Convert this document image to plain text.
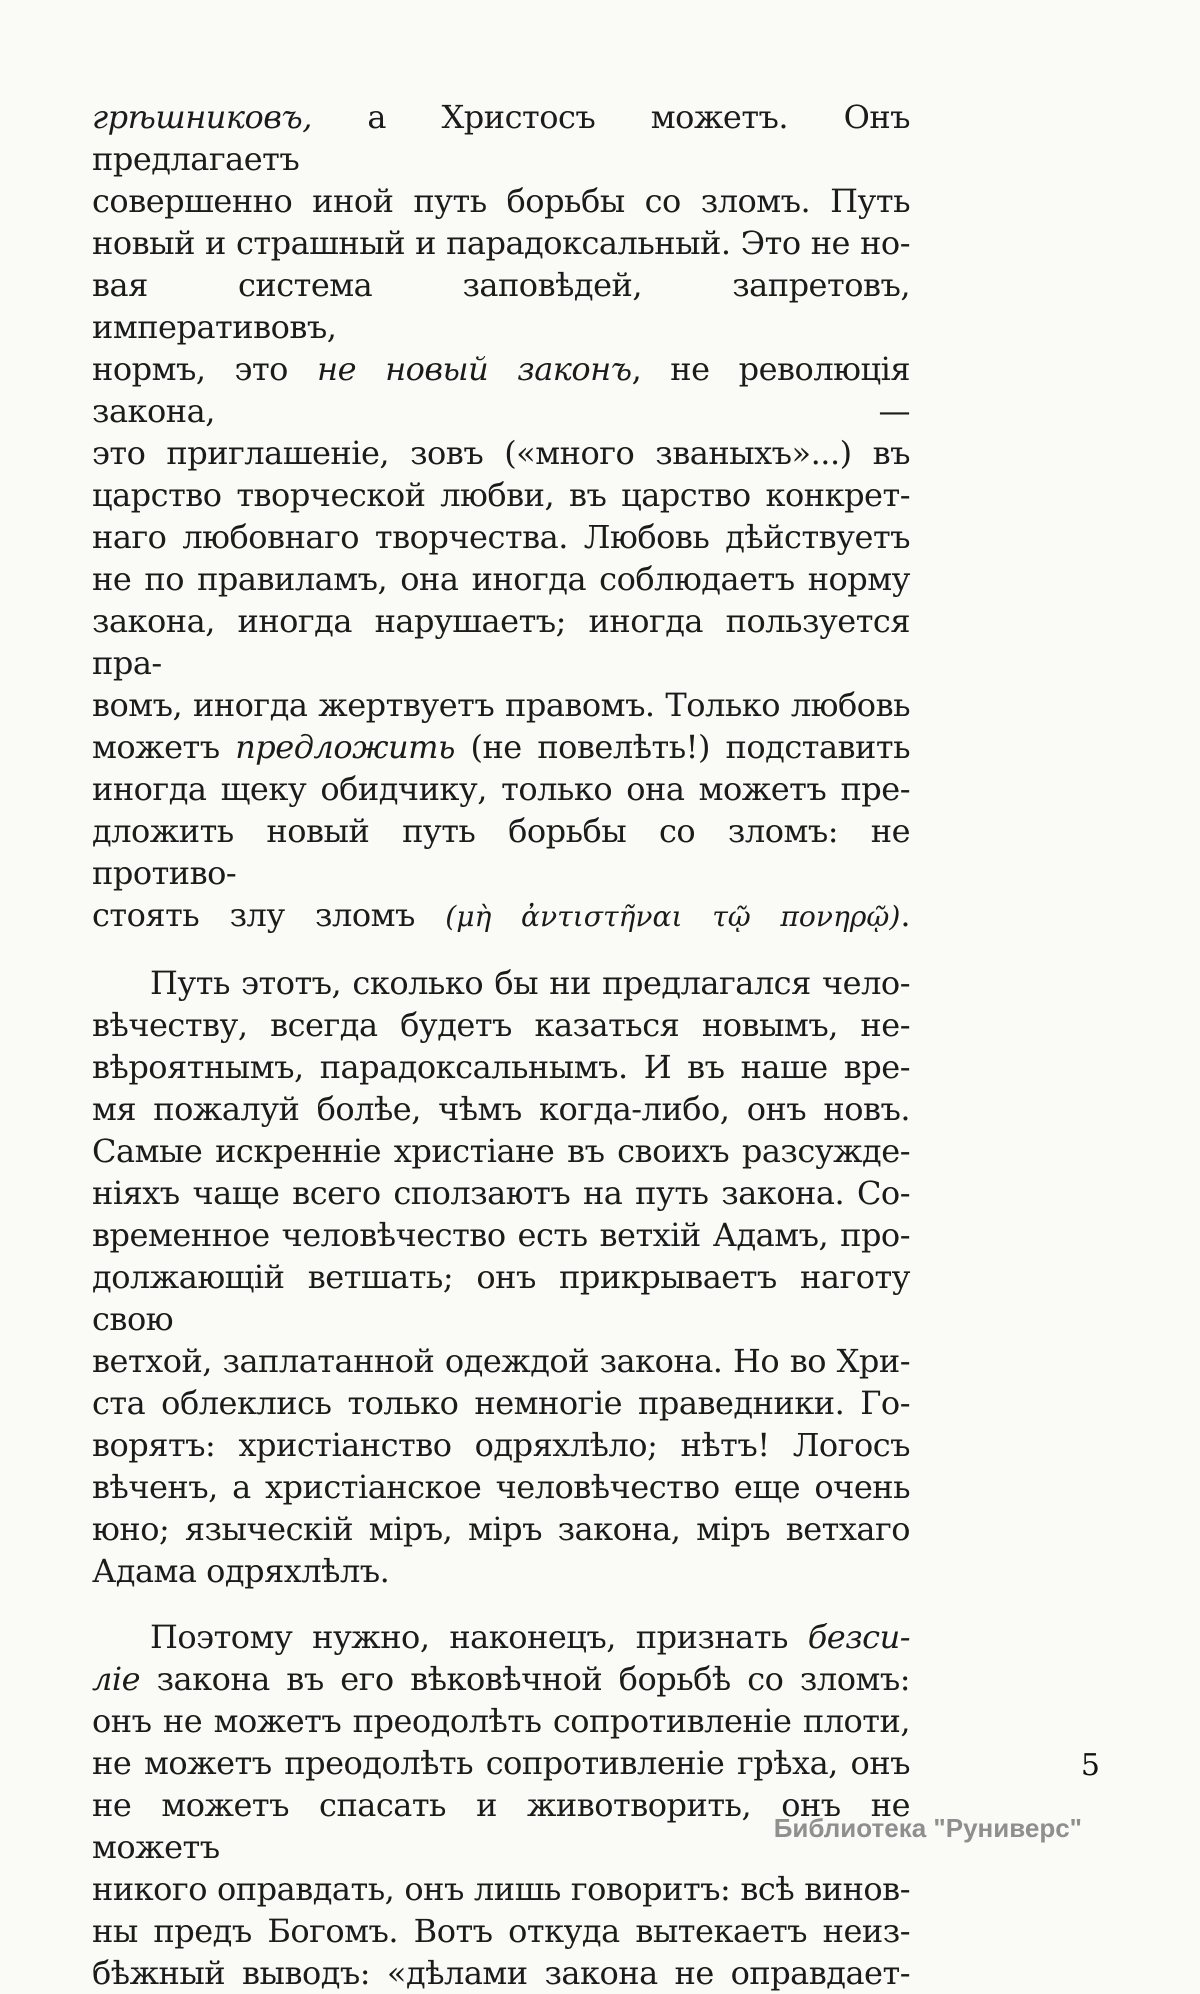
грѣшниковъ, а Христосъ можетъ. Онъ предлагаетъ
совершенно иной путь борьбы со зломъ. Путь
новый и страшный и парадоксальный. Это не но-
вая система заповѣдей, запретовъ, императивовъ,
нормъ, это не новый законъ, не революція закона, —
это приглашеніе, зовъ («много званыхъ»...) въ
царство творческой любви, въ царство конкрет-
наго любовнаго творчества. Любовь дѣйствуетъ
не по правиламъ, она иногда соблюдаетъ норму
закона, иногда нарушаетъ; иногда пользуется пра-
вомъ, иногда жертвуетъ правомъ. Только любовь
можетъ предложить (не повелѣть!) подставить
иногда щеку обидчику, только она можетъ пре-
дложить новый путь борьбы со зломъ: не противо-
стоять злу зломъ (μὴ ἀντιστῆναι τῷ πονηρῷ).
Путь этотъ, сколько бы ни предлагался чело-
вѣчеству, всегда будетъ казаться новымъ, не-
вѣроятнымъ, парадоксальнымъ. И въ наше вре-
мя пожалуй болѣе, чѣмъ когда-либо, онъ новъ.
Самые искренніе христіане въ своихъ разсужде-
ніяхъ чаще всего сползаютъ на путь закона. Со-
временное человѣчество есть ветхій Адамъ, про-
должающій ветшать; онъ прикрываетъ наготу свою
ветхой, заплатанной одеждой закона. Но во Хри-
ста облеклись только немногіе праведники. Го-
ворятъ: христіанство одряхлѣло; нѣтъ! Логосъ
вѣченъ, а христіанское человѣчество еще очень
юно; языческій міръ, міръ закона, міръ ветхаго
Адама одряхлѣлъ.
Поэтому нужно, наконецъ, признать безси-
ліе закона въ его вѣковѣчной борьбѣ со зломъ:
онъ не можетъ преодолѣть сопротивленіе плоти,
не можетъ преодолѣть сопротивленіе грѣха, онъ
не можетъ спасать и животворить, онъ не можетъ
никого оправдать, онъ лишь говоритъ: всѣ винов-
ны предъ Богомъ. Вотъ откуда вытекаетъ неиз-
бѣжный выводъ: «дѣлами закона не оправдает-
5
Библиотека "Руниверс"
